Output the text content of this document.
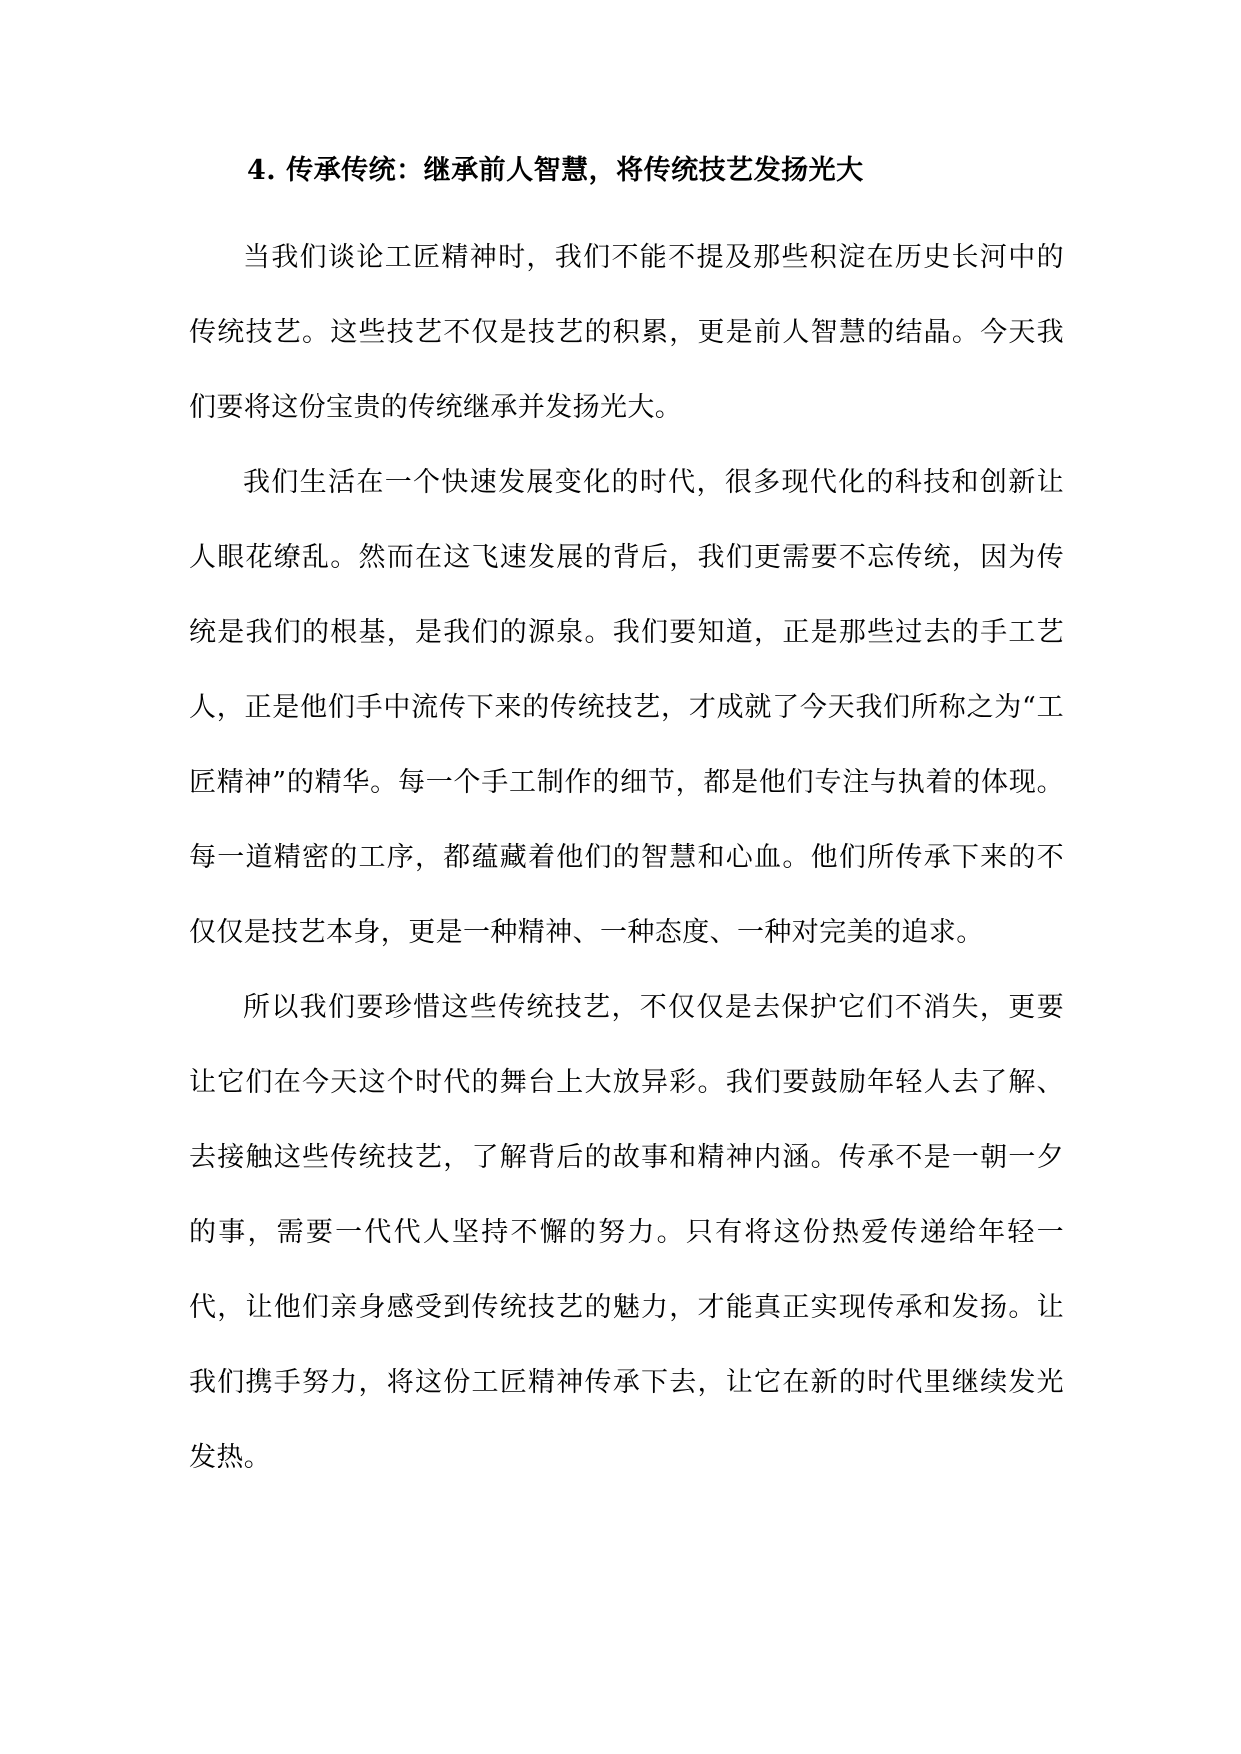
4. 传承传统：继承前人智慧，将传统技艺发扬光大

当我们谈论工匠精神时，我们不能不提及那些积淀在历史长河中的传统技艺。这些技艺不仅是技艺的积累，更是前人智慧的结晶。今天我们要将这份宝贵的传统继承并发扬光大。

我们生活在一个快速发展变化的时代，很多现代化的科技和创新让人眼花缭乱。然而在这飞速发展的背后，我们更需要不忘传统，因为传统是我们的根基，是我们的源泉。我们要知道，正是那些过去的手工艺人，正是他们手中流传下来的传统技艺，才成就了今天我们所称之为“工匠精神”的精华。每一个手工制作的细节，都是他们专注与执着的体现。每一道精密的工序，都蕴藏着他们的智慧和心血。他们所传承下来的不仅仅是技艺本身，更是一种精神、一种态度、一种对完美的追求。

所以我们要珍惜这些传统技艺，不仅仅是去保护它们不消失，更要让它们在今天这个时代的舞台上大放异彩。我们要鼓励年轻人去了解、去接触这些传统技艺，了解背后的故事和精神内涵。传承不是一朝一夕的事，需要一代代人坚持不懈的努力。只有将这份热爱传递给年轻一代，让他们亲身感受到传统技艺的魅力，才能真正实现传承和发扬。让我们携手努力，将这份工匠精神传承下去，让它在新的时代里继续发光发热。
